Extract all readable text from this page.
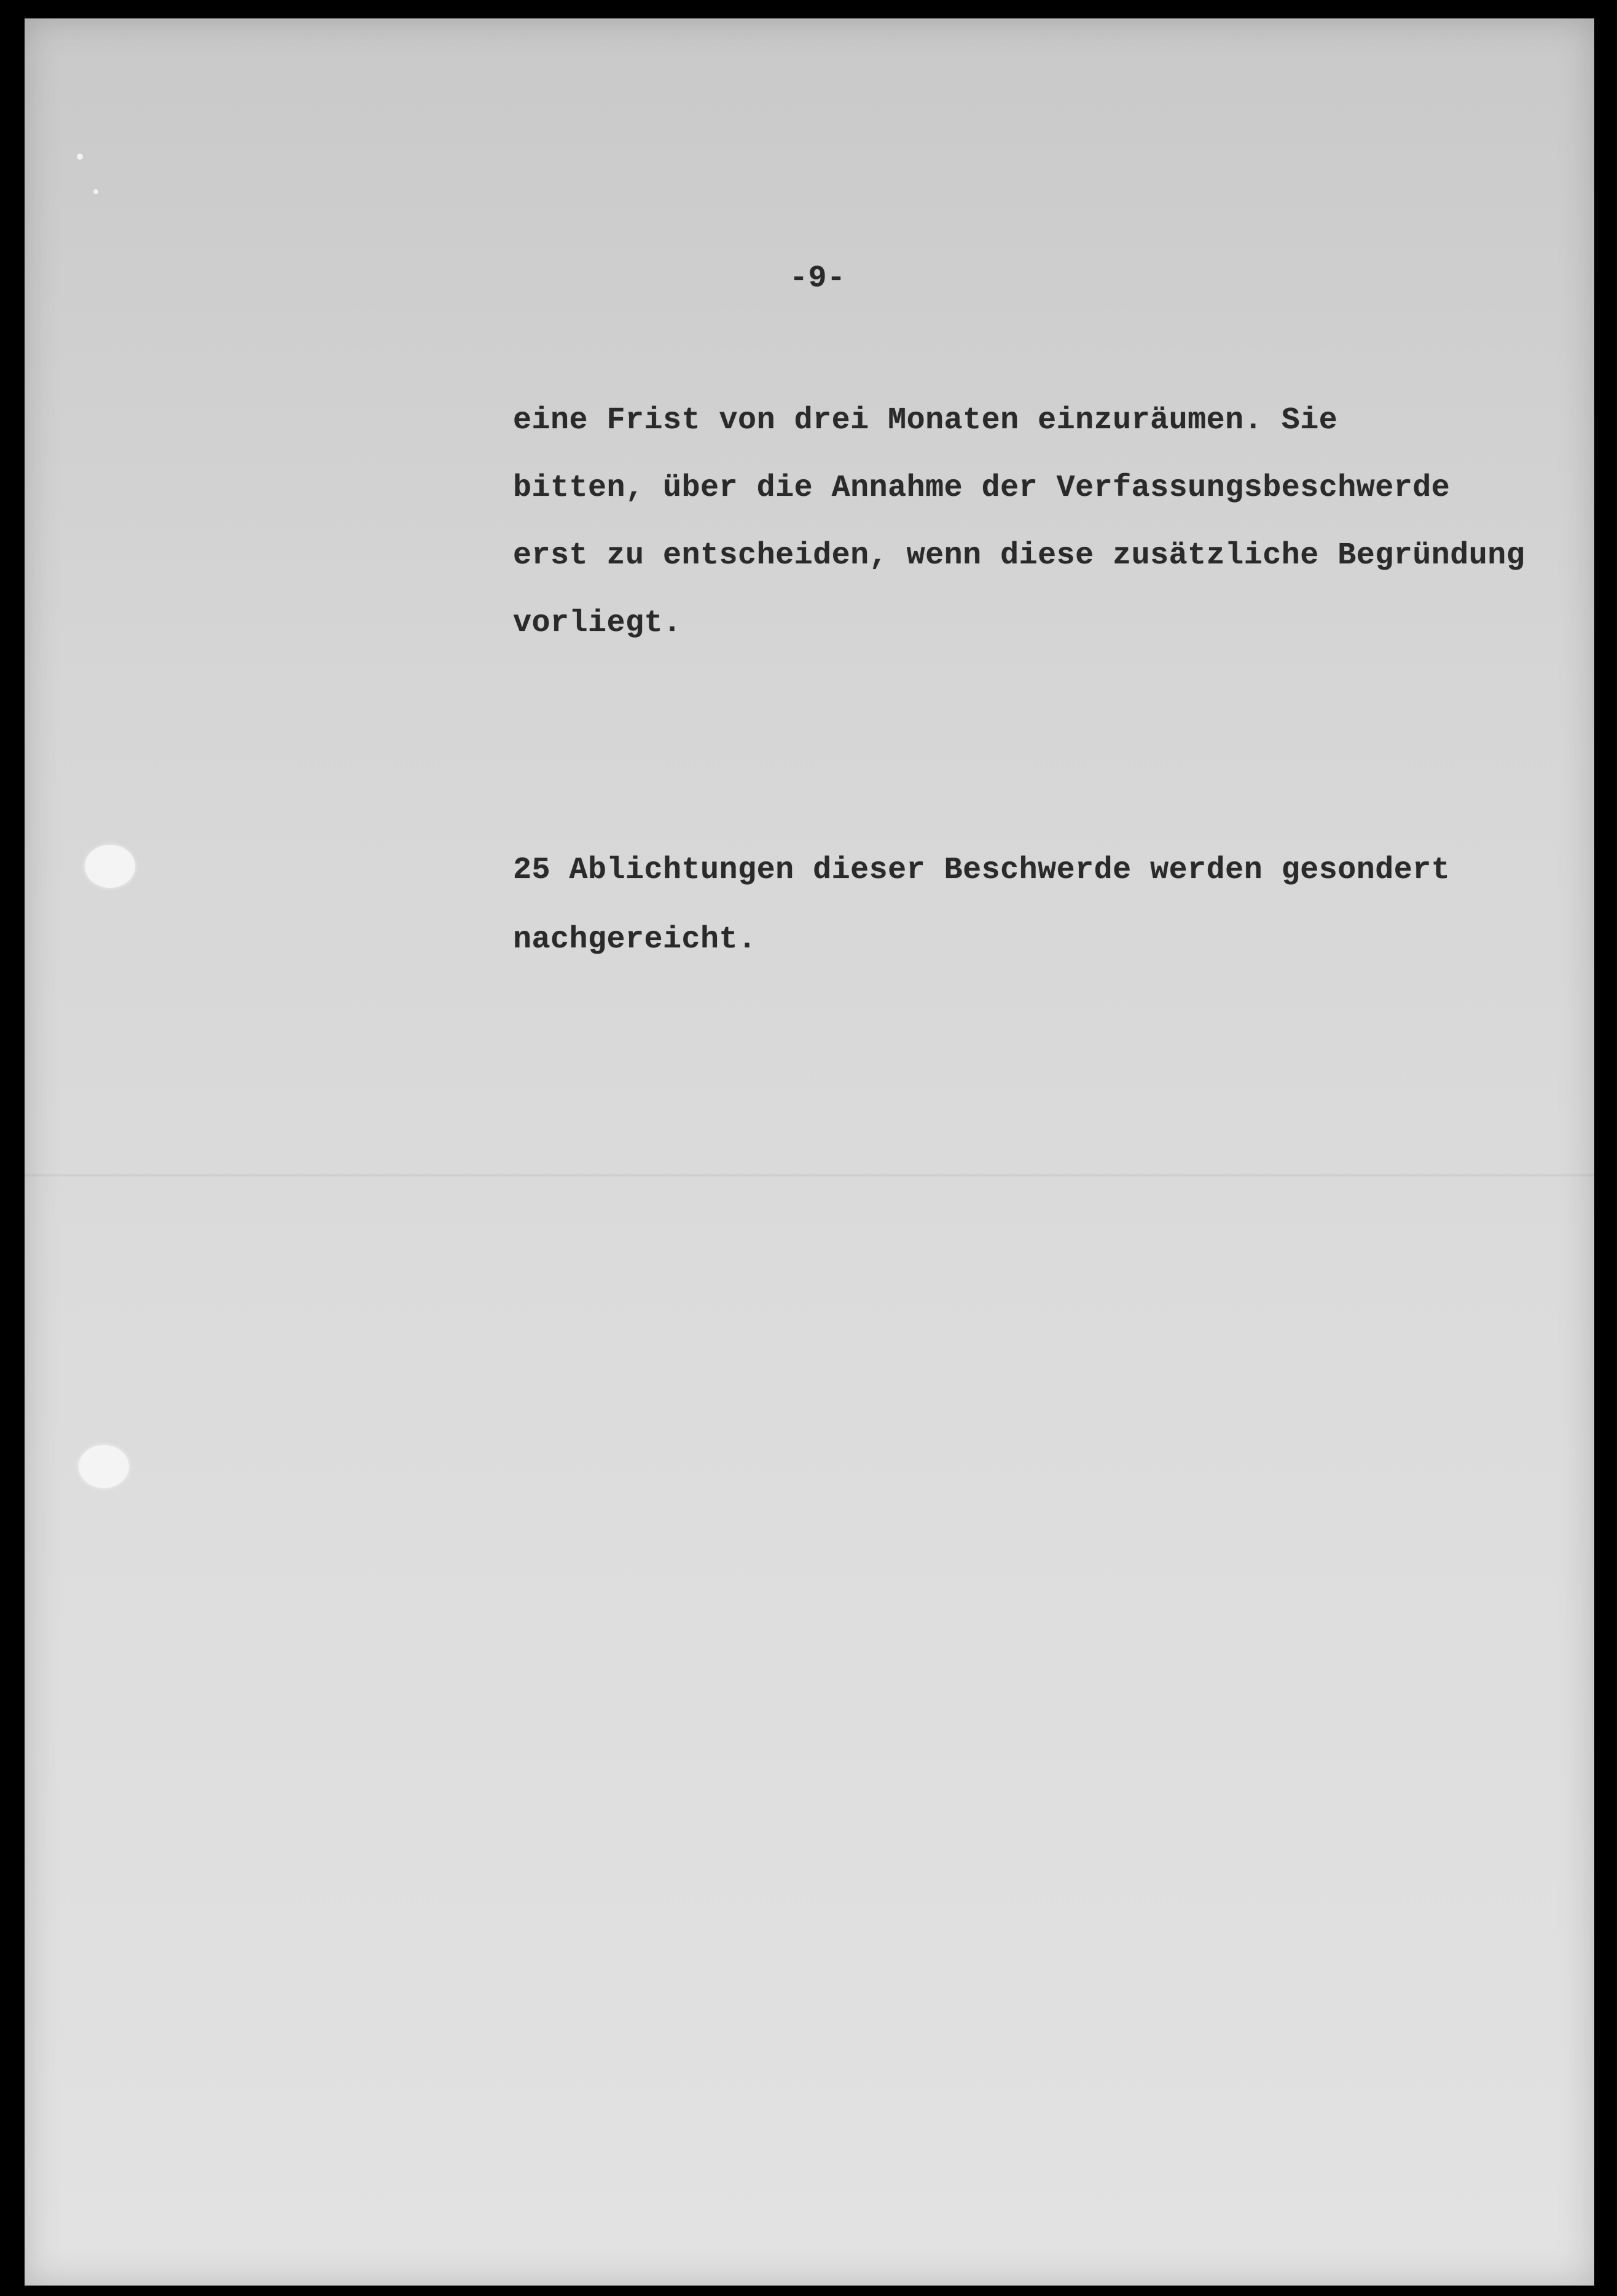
-9-

eine Frist von drei Monaten einzuräumen. Sie
bitten, über die Annahme der Verfassungsbeschwerde
erst zu entscheiden, wenn diese zusätzliche Begründung
vorliegt.

25 Ablichtungen dieser Beschwerde werden gesondert
nachgereicht.
